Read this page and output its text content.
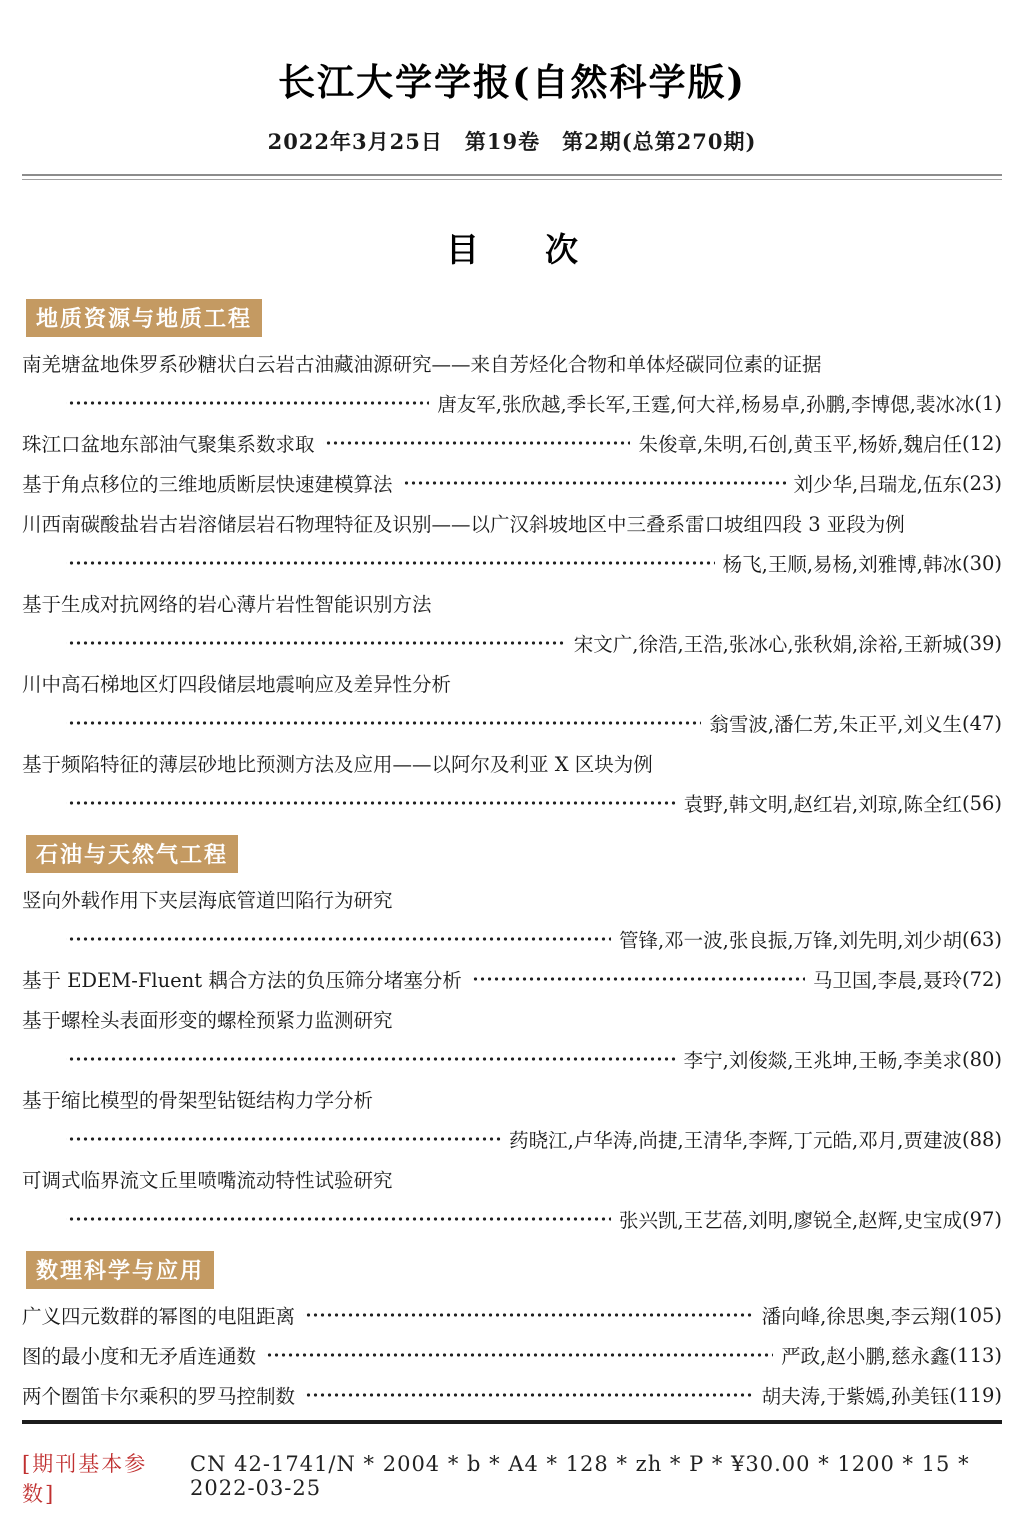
长江大学学报(自然科学版)
2022年3月25日　第19卷　第2期(总第270期)
目　　次
地质资源与地质工程
南羌塘盆地侏罗系砂糖状白云岩古油藏油源研究——来自芳烃化合物和单体烃碳同位素的证据
唐友军,张欣越,季长军,王霆,何大祥,杨易卓,孙鹏,李博偲,裴冰冰 ( 1 )
珠江口盆地东部油气聚集系数求取	朱俊章,朱明,石创,黄玉平,杨娇,魏启任 ( 12 )
基于角点移位的三维地质断层快速建模算法	刘少华,吕瑞龙,伍东 ( 23 )
川西南碳酸盐岩古岩溶储层岩石物理特征及识别——以广汉斜坡地区中三叠系雷口坡组四段 3 亚段为例
杨飞,王顺,易杨,刘雅博,韩冰 ( 30 )
基于生成对抗网络的岩心薄片岩性智能识别方法
宋文广,徐浩,王浩,张冰心,张秋娟,涂裕,王新城 ( 39 )
川中高石梯地区灯四段储层地震响应及差异性分析
翁雪波,潘仁芳,朱正平,刘义生 ( 47 )
基于频陷特征的薄层砂地比预测方法及应用——以阿尔及利亚 X 区块为例
袁野,韩文明,赵红岩,刘琼,陈全红 ( 56 )
石油与天然气工程
竖向外载作用下夹层海底管道凹陷行为研究
管锋,邓一波,张良振,万锋,刘先明,刘少胡 ( 63 )
基于 EDEM-Fluent 耦合方法的负压筛分堵塞分析	马卫国,李晨,聂玲 ( 72 )
基于螺栓头表面形变的螺栓预紧力监测研究
李宁,刘俊燚,王兆坤,王畅,李美求 ( 80 )
基于缩比模型的骨架型钻铤结构力学分析
药晓江,卢华涛,尚捷,王清华,李辉,丁元皓,邓月,贾建波 ( 88 )
可调式临界流文丘里喷嘴流动特性试验研究
张兴凯,王艺蓓,刘明,廖锐全,赵辉,史宝成 ( 97 )
数理科学与应用
广义四元数群的幂图的电阻距离	潘向峰,徐思奥,李云翔 ( 105 )
图的最小度和无矛盾连通数	严政,赵小鹏,慈永鑫 ( 113 )
两个圈笛卡尔乘积的罗马控制数	胡夫涛,于紫嫣,孙美钰 ( 119 )
[期刊基本参数]
CN 42-1741/N * 2004 * b * A4 * 128 * zh * P * ¥30.00 * 1200 * 15 * 2022-03-25
